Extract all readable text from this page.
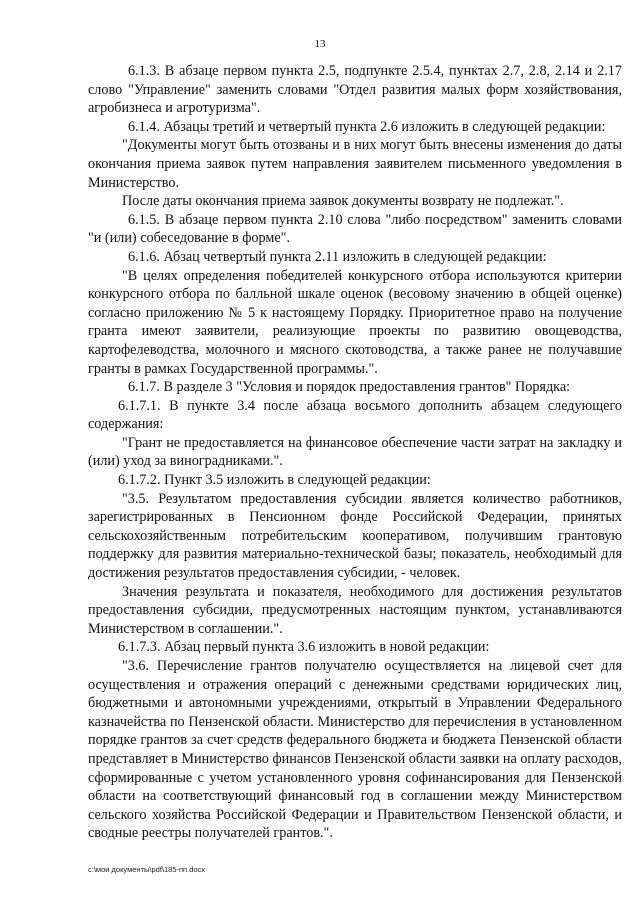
13

6.1.3. В абзаце первом пункта 2.5, подпункте 2.5.4, пунктах 2.7, 2.8, 2.14 и 2.17 слово "Управление" заменить словами "Отдел развития малых форм хозяйствования, агробизнеса и агротуризма".

6.1.4. Абзацы третий и четвертый пункта 2.6 изложить в следующей редакции:

"Документы могут быть отозваны и в них могут быть внесены изменения до даты окончания приема заявок путем направления заявителем письменного уведомления в Министерство.

После даты окончания приема заявок документы возврату не подлежат.".

6.1.5. В абзаце первом пункта 2.10 слова "либо посредством" заменить словами "и (или) собеседование в форме".

6.1.6. Абзац четвертый пункта 2.11 изложить в следующей редакции:

"В целях определения победителей конкурсного отбора используются критерии конкурсного отбора по балльной шкале оценок (весовому значению в общей оценке) согласно приложению № 5 к настоящему Порядку. Приоритетное право на получение гранта имеют заявители, реализующие проекты по развитию овощеводства, картофелеводства, молочного и мясного скотоводства, а также ранее не получавшие гранты в рамках Государственной программы.".

6.1.7. В разделе 3 "Условия и порядок предоставления грантов" Порядка:

6.1.7.1. В пункте 3.4 после абзаца восьмого дополнить абзацем следующего содержания:

"Грант не предоставляется на финансовое обеспечение части затрат на закладку и (или) уход за виноградниками.".

6.1.7.2. Пункт 3.5 изложить в следующей редакции:

"3.5. Результатом предоставления субсидии является количество работников, зарегистрированных в Пенсионном фонде Российской Федерации, принятых сельскохозяйственным потребительским кооперативом, получившим грантовую поддержку для развития материально-технической базы; показатель, необходимый для достижения результатов предоставления субсидии, - человек.

Значения результата и показателя, необходимого для достижения результатов предоставления субсидии, предусмотренных настоящим пунктом, устанавливаются Министерством в соглашении.".

6.1.7.3. Абзац первый пункта 3.6 изложить в новой редакции:

"3.6. Перечисление грантов получателю осуществляется на лицевой счет для осуществления и отражения операций с денежными средствами юридических лиц, бюджетными и автономными учреждениями, открытый в Управлении Федерального казначейства по Пензенской области. Министерство для перечисления в установленном порядке грантов за счет средств федерального бюджета и бюджета Пензенской области представляет в Министерство финансов Пензенской области заявки на оплату расходов, сформированные с учетом установленного уровня софинансирования для Пензенской области на соответствующий финансовый год в соглашении между Министерством сельского хозяйства Российской Федерации и Правительством Пензенской области, и сводные реестры получателей грантов.".

c:\мои документы\pdf\185-пп.docx
